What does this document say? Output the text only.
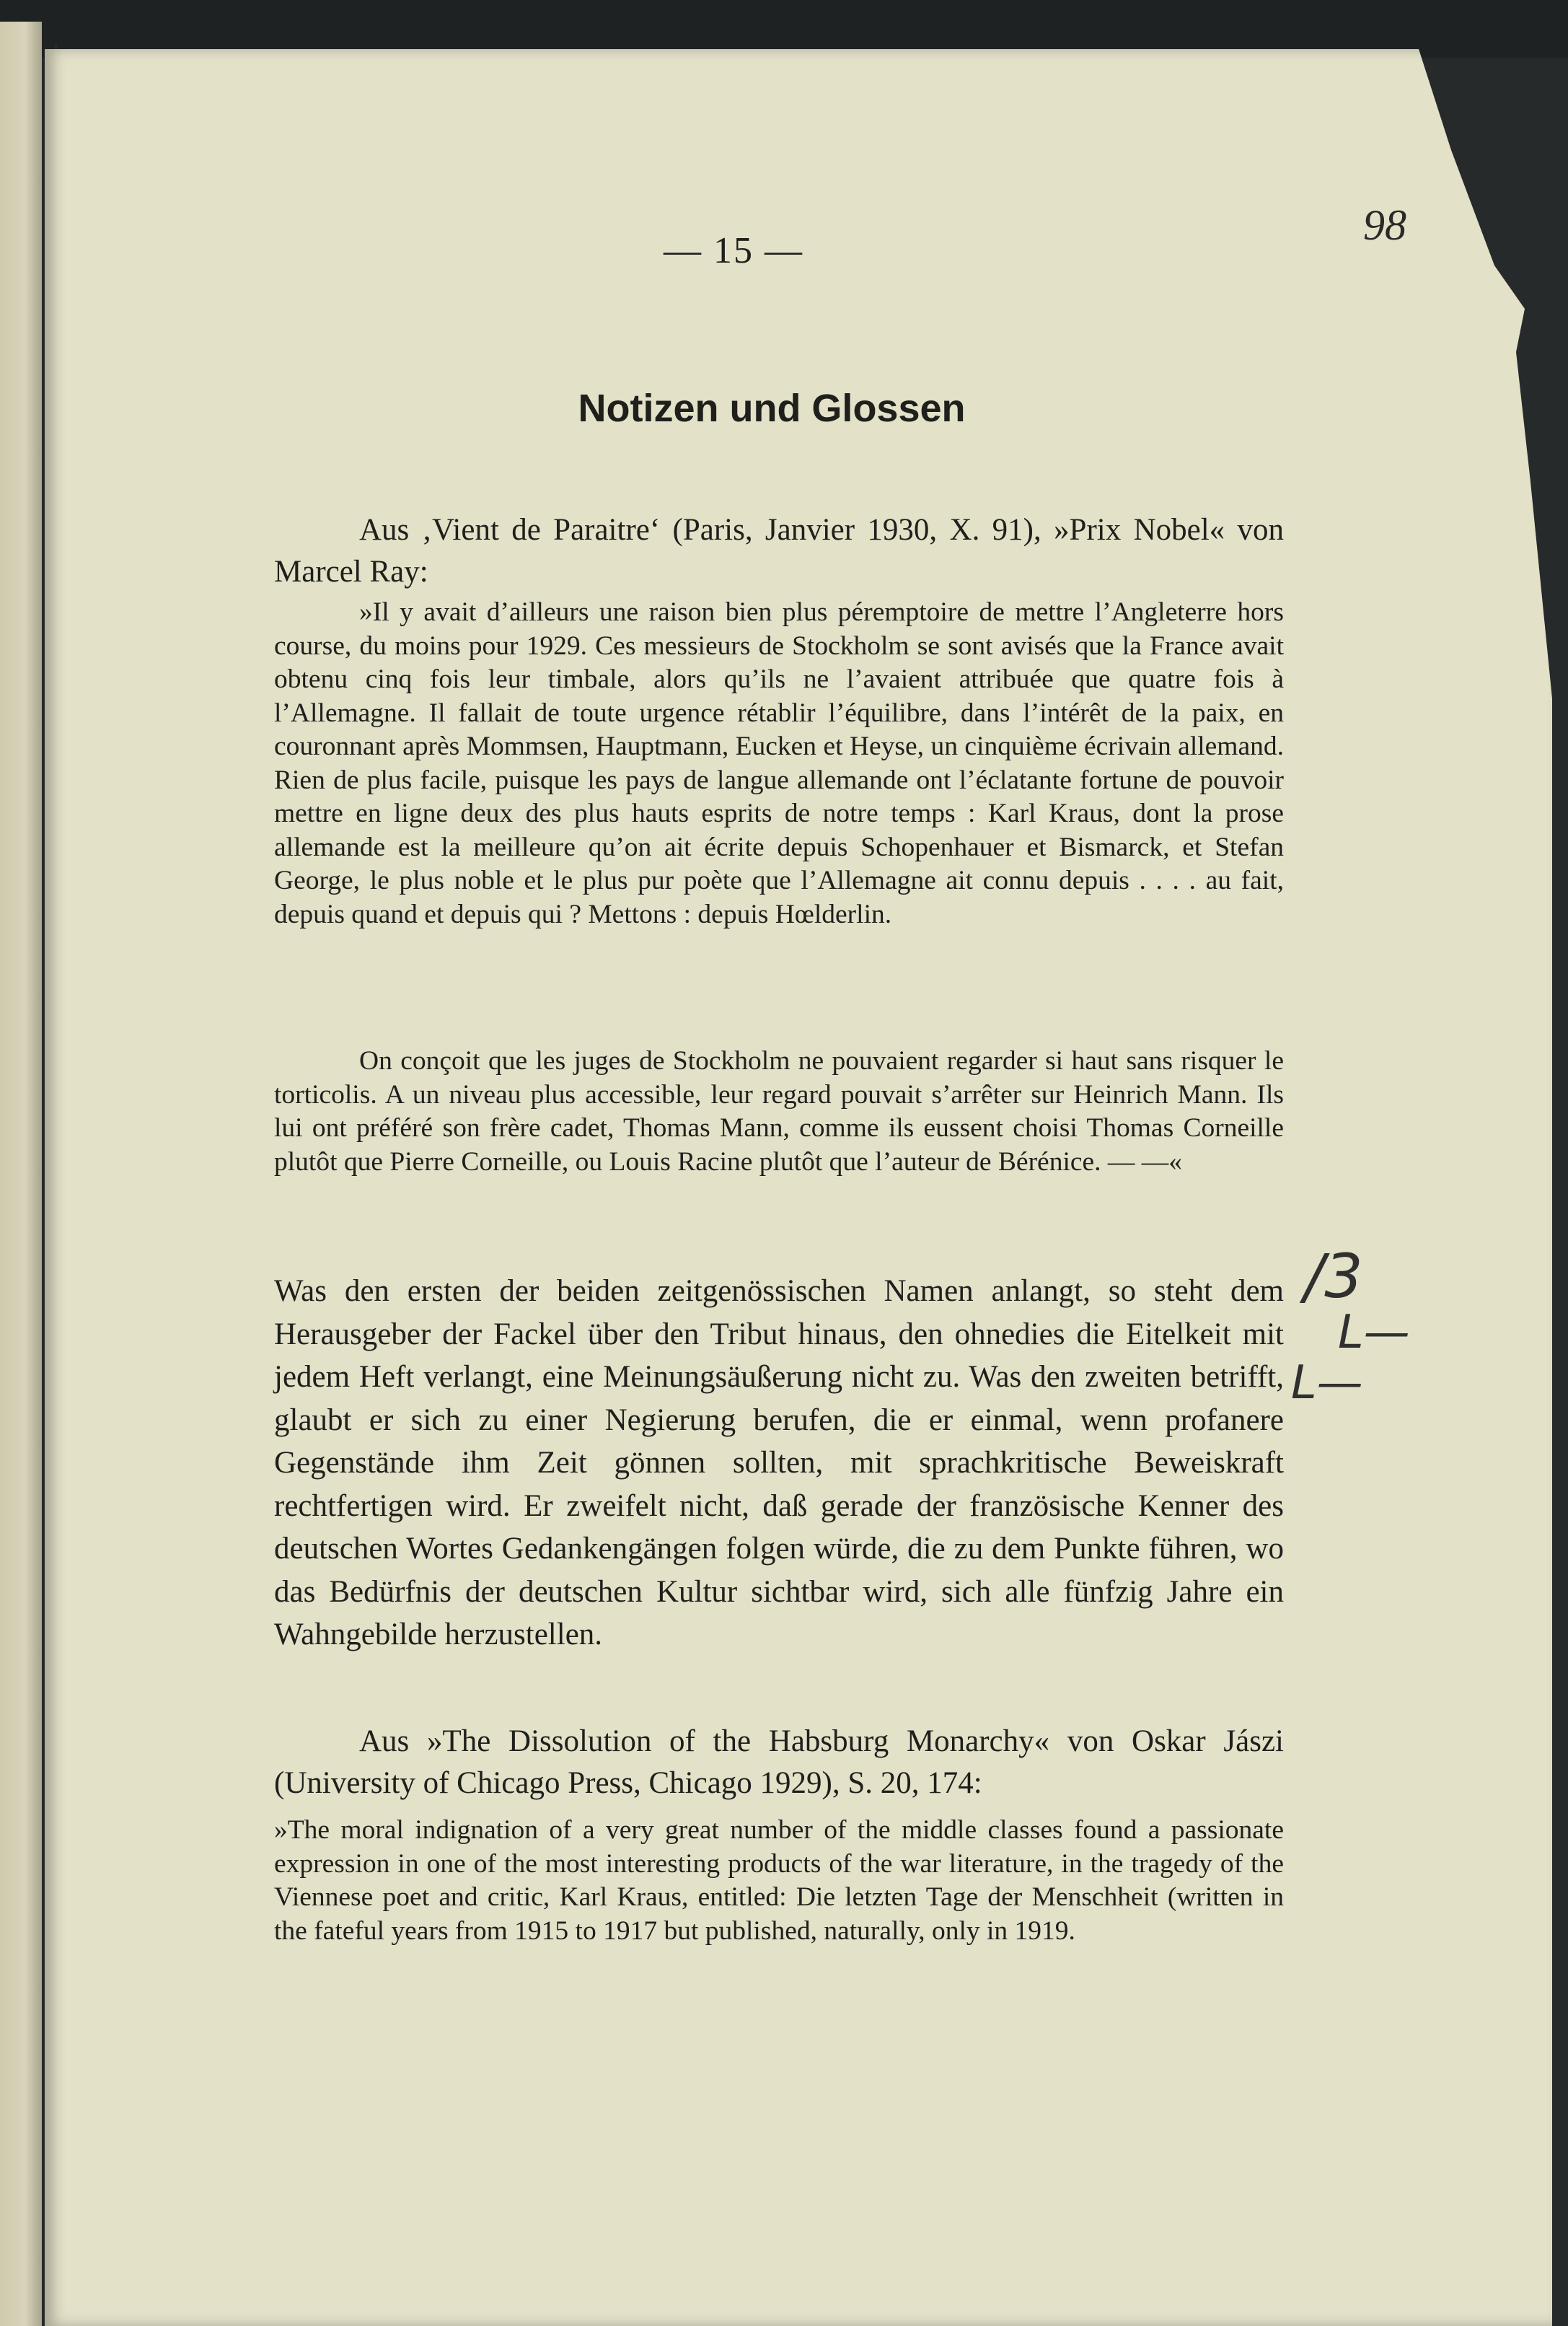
— 15 —
98
Notizen und Glossen
Aus ‚Vient de Paraitre‘ (Paris, Janvier 1930, X. 91), »Prix Nobel« von Marcel Ray:
»Il y avait d’ailleurs une raison bien plus péremptoire de mettre l’Angleterre hors course, du moins pour 1929. Ces messieurs de Stockholm se sont avisés que la France avait obtenu cinq fois leur timbale, alors qu’ils ne l’avaient attribuée que quatre fois à l’Allemagne. Il fallait de toute urgence rétablir l’équilibre, dans l’intérêt de la paix, en couronnant après Mommsen, Hauptmann, Eucken et Heyse, un cinquième écrivain allemand. Rien de plus facile, puisque les pays de langue allemande ont l’éclatante fortune de pouvoir mettre en ligne deux des plus hauts esprits de notre temps : Karl Kraus, dont la prose allemande est la meilleure qu’on ait écrite depuis Schopenhauer et Bismarck, et Stefan George, le plus noble et le plus pur poète que l’Allemagne ait connu depuis . . . . au fait, depuis quand et depuis qui ? Mettons : depuis Hœlderlin.
On conçoit que les juges de Stockholm ne pouvaient regarder si haut sans risquer le torticolis. A un niveau plus accessible, leur regard pouvait s’arrêter sur Heinrich Mann. Ils lui ont préféré son frère cadet, Thomas Mann, comme ils eussent choisi Thomas Corneille plutôt que Pierre Corneille, ou Louis Racine plutôt que l’auteur de Bérénice. — —«
Was den ersten der beiden zeitgenössischen Namen anlangt, so steht dem Herausgeber der Fackel über den Tribut hinaus, den ohnedies die Eitelkeit mit jedem Heft verlangt, eine Meinungsäußerung nicht zu. Was den zweiten betrifft, glaubt er sich zu einer Negierung berufen, die er einmal, wenn profanere Gegenstände ihm Zeit gönnen sollten, mit sprachkritische Beweiskraft rechtfertigen wird. Er zweifelt nicht, daß gerade der französische Kenner des deutschen Wortes Gedankengängen folgen würde, die zu dem Punkte führen, wo das Bedürfnis der deutschen Kultur sichtbar wird, sich alle fünfzig Jahre ein Wahngebilde herzustellen.
Aus »The Dissolution of the Habsburg Monarchy« von Oskar Jászi (University of Chicago Press, Chicago 1929), S. 20, 174:
»The moral indignation of a very great number of the middle classes found a passionate expression in one of the most interesting products of the war literature, in the tragedy of the Viennese poet and critic, Karl Kraus, entitled: Die letzten Tage der Menschheit (written in the fateful years from 1915 to 1917 but published, naturally, only in 1919.
/3
L—
L—
